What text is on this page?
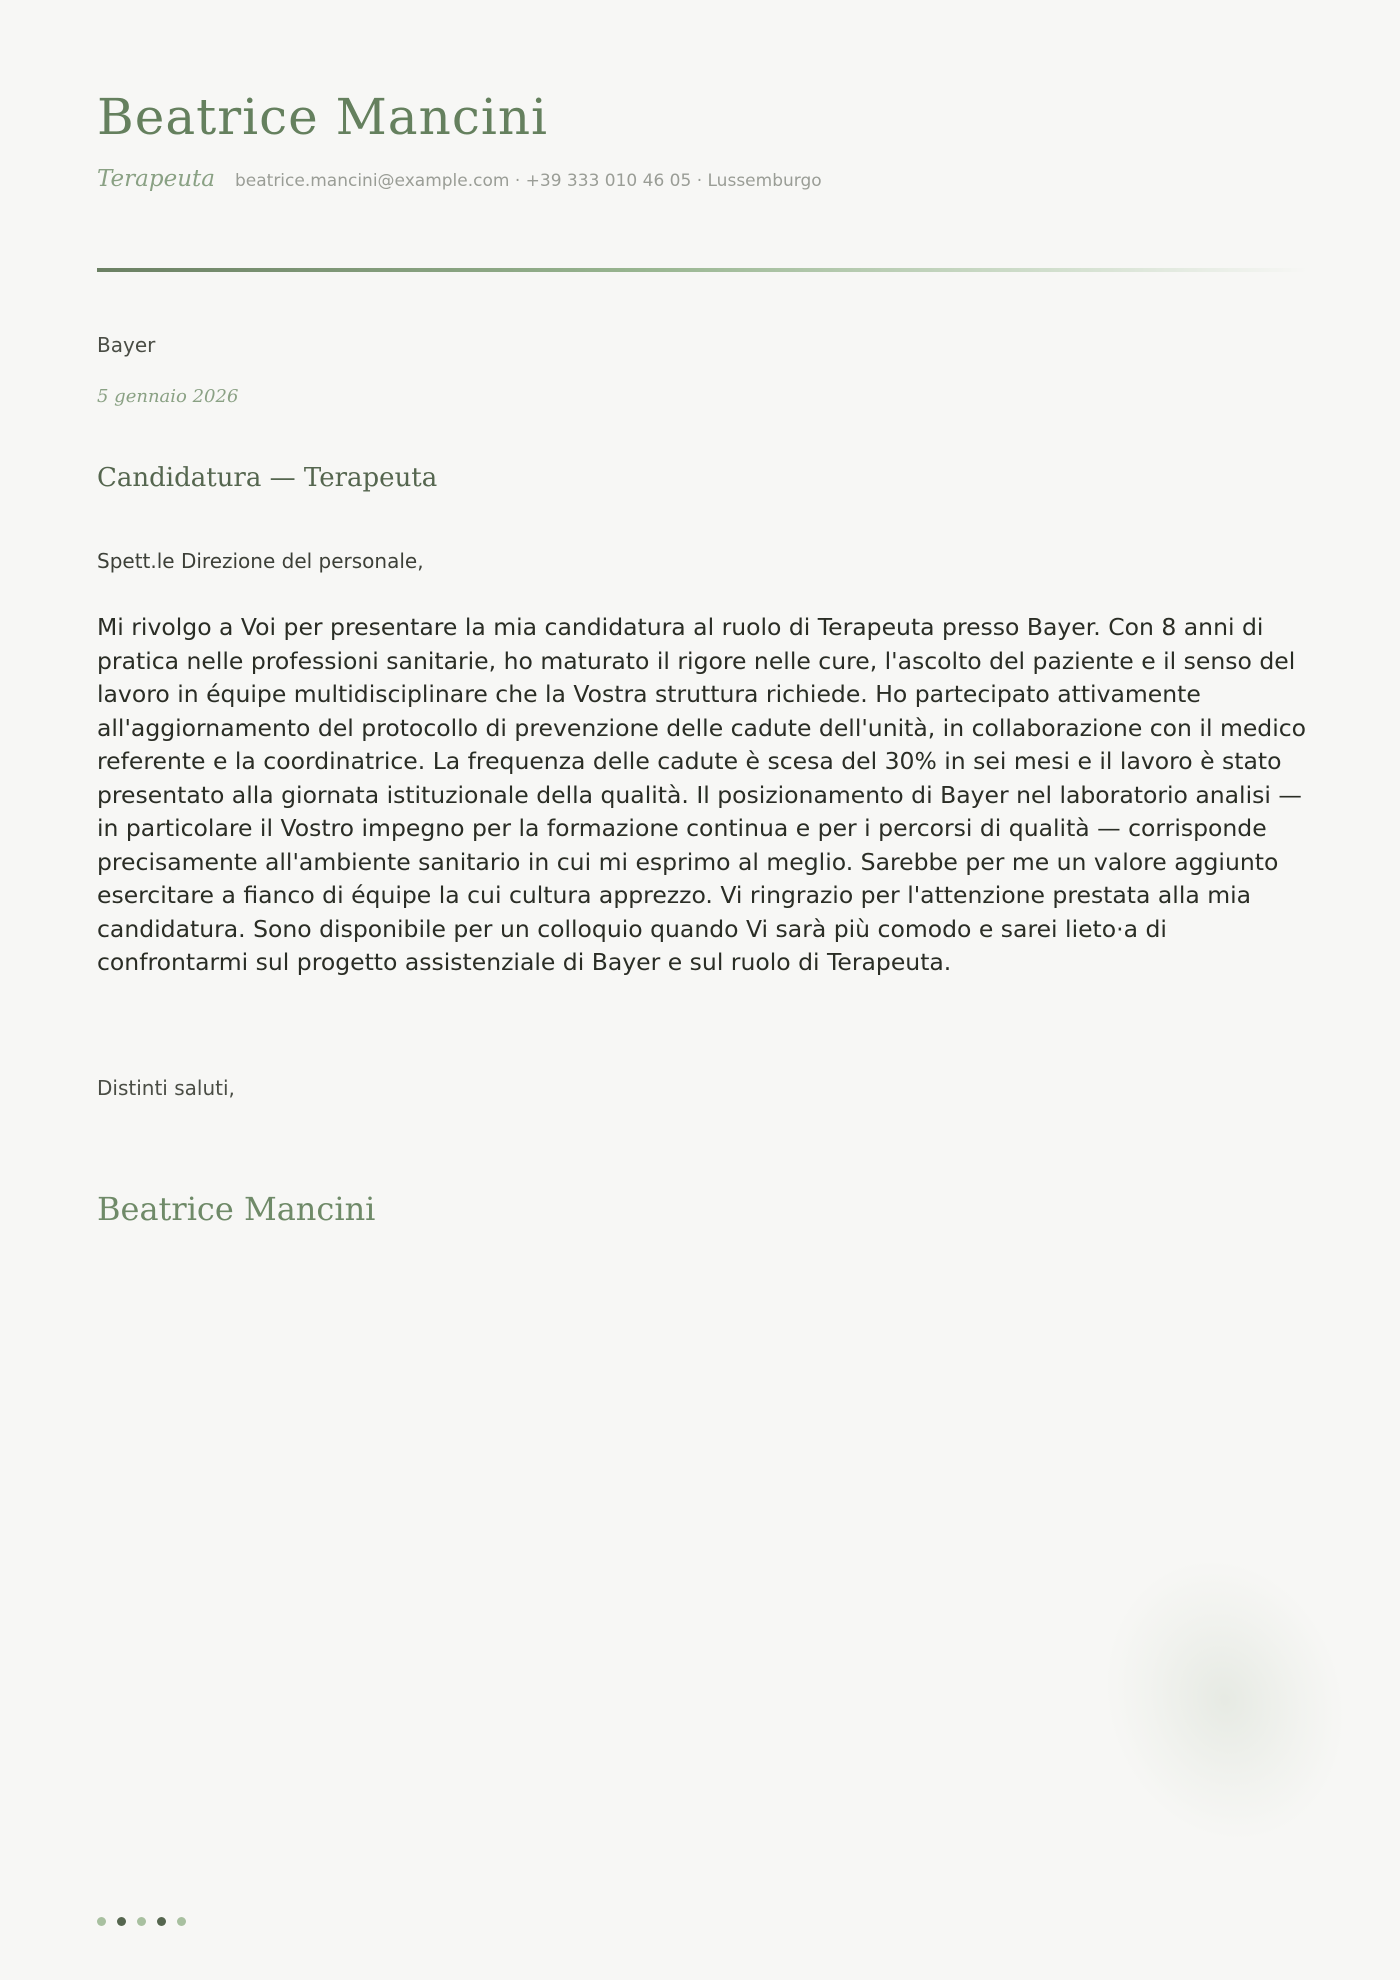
Beatrice Mancini
Terapeuta beatrice.mancini@example.com · +39 333 010 46 05 · Lussemburgo
Bayer
5 gennaio 2026
Candidatura — Terapeuta
Spett.le Direzione del personale,

Mi rivolgo a Voi per presentare la mia candidatura al ruolo di Terapeuta presso Bayer. Con 8 anni di pratica nelle professioni sanitarie, ho maturato il rigore nelle cure, l'ascolto del paziente e il senso del lavoro in équipe multidisciplinare che la Vostra struttura richiede. Ho partecipato attivamente all'aggiornamento del protocollo di prevenzione delle cadute dell'unità, in collaborazione con il medico referente e la coordinatrice. La frequenza delle cadute è scesa del 30% in sei mesi e il lavoro è stato presentato alla giornata istituzionale della qualità. Il posizionamento di Bayer nel laboratorio analisi — in particolare il Vostro impegno per la formazione continua e per i percorsi di qualità — corrisponde precisamente all'ambiente sanitario in cui mi esprimo al meglio. Sarebbe per me un valore aggiunto esercitare a fianco di équipe la cui cultura apprezzo. Vi ringrazio per l'attenzione prestata alla mia candidatura. Sono disponibile per un colloquio quando Vi sarà più comodo e sarei lieto·a di confrontarmi sul progetto assistenziale di Bayer e sul ruolo di Terapeuta.

Distinti saluti,
Beatrice Mancini
